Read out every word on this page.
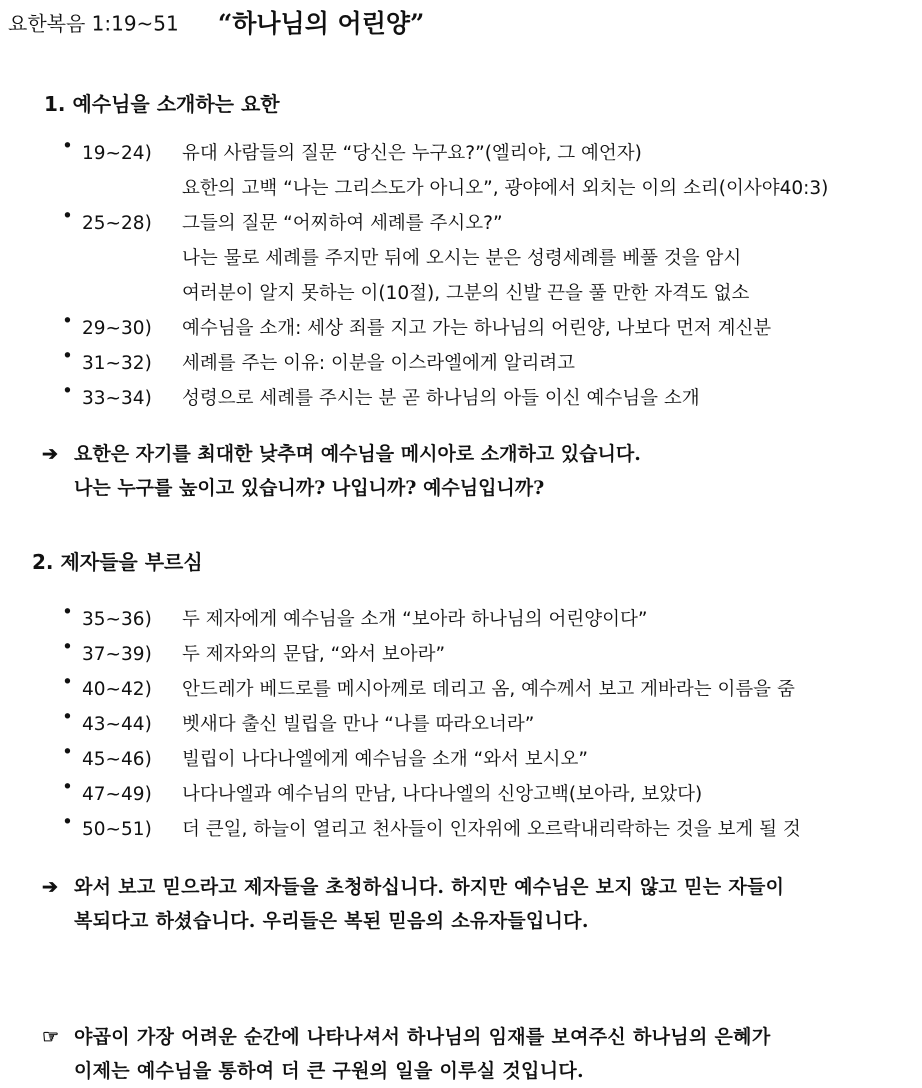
요한복음 1:19~51 “하나님의 어린양”
1. 예수님을 소개하는 요한
• 19~24)	유대 사람들의 질문 “당신은 누구요?”(엘리야, 그 예언자)
요한의 고백 “나는 그리스도가 아니오”, 광야에서 외치는 이의 소리(이사야40:3)
• 25~28)	그들의 질문 “어찌하여 세례를 주시오?”
나는 물로 세례를 주지만 뒤에 오시는 분은 성령세례를 베풀 것을 암시
여러분이 알지 못하는 이(10절), 그분의 신발 끈을 풀 만한 자격도 없소
• 29~30)	예수님을 소개: 세상 죄를 지고 가는 하나님의 어린양, 나보다 먼저 계신분
• 31~32)	세례를 주는 이유: 이분을 이스라엘에게 알리려고
• 33~34)	성령으로 세례를 주시는 분 곧 하나님의 아들 이신 예수님을 소개
➔ 요한은 자기를 최대한 낮추며 예수님을 메시아로 소개하고 있습니다.
나는 누구를 높이고 있습니까? 나입니까? 예수님입니까?
2. 제자들을 부르심
• 35~36)	두 제자에게 예수님을 소개 “보아라 하나님의 어린양이다”
• 37~39)	두 제자와의 문답, “와서 보아라”
• 40~42)	안드레가 베드로를 메시아께로 데리고 옴, 예수께서 보고 게바라는 이름을 줌
• 43~44)	벳새다 출신 빌립을 만나 “나를 따라오너라”
• 45~46)	빌립이 나다나엘에게 예수님을 소개 “와서 보시오”
• 47~49)	나다나엘과 예수님의 만남, 나다나엘의 신앙고백(보아라, 보았다)
• 50~51)	더 큰일, 하늘이 열리고 천사들이 인자위에 오르락내리락하는 것을 보게 될 것
➔ 와서 보고 믿으라고 제자들을 초청하십니다. 하지만 예수님은 보지 않고 믿는 자들이
복되다고 하셨습니다. 우리들은 복된 믿음의 소유자들입니다.
☞ 야곱이 가장 어려운 순간에 나타나셔서 하나님의 임재를 보여주신 하나님의 은혜가
이제는 예수님을 통하여 더 큰 구원의 일을 이루실 것입니다.
